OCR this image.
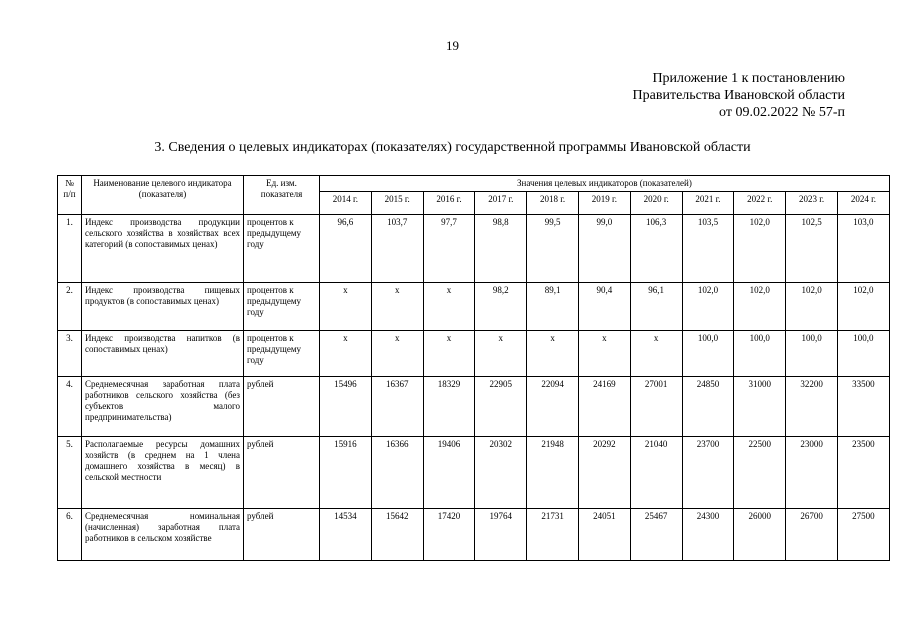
19
Приложение 1 к постановлению
Правительства Ивановской области
от 09.02.2022 № 57-п
3. Сведения о целевых индикаторах (показателях) государственной программы Ивановской области
№ п/п	Наименование целевого индикатора (показателя)	Ед. изм. показателя	Значения целевых индикаторов (показателей)										
			2014 г.	2015 г.	2016 г.	2017 г.	2018 г.	2019 г.	2020 г.	2021 г.	2022 г.	2023 г.	2024 г.
1.	Индекс производства продукции сельского хозяйства в хозяйствах всех категорий (в сопоставимых ценах)	процентов к предыдущему году	96,6	103,7	97,7	98,8	99,5	99,0	106,3	103,5	102,0	102,5	103,0
2.	Индекс производства пищевых продуктов (в сопоставимых ценах)	процентов к предыдущему году	х	х	х	98,2	89,1	90,4	96,1	102,0	102,0	102,0	102,0
3.	Индекс производства напитков (в сопоставимых ценах)	процентов к предыдущему году	х	х	х	х	х	х	х	100,0	100,0	100,0	100,0
4.	Среднемесячная заработная плата работников сельского хозяйства (без субъектов малого предпринимательства)	рублей	15496	16367	18329	22905	22094	24169	27001	24850	31000	32200	33500
5.	Располагаемые ресурсы домашних хозяйств (в среднем на 1 члена домашнего хозяйства в месяц) в сельской местности	рублей	15916	16366	19406	20302	21948	20292	21040	23700	22500	23000	23500
6.	Среднемесячная номинальная (начисленная) заработная плата работников в сельском хозяйстве	рублей	14534	15642	17420	19764	21731	24051	25467	24300	26000	26700	27500
